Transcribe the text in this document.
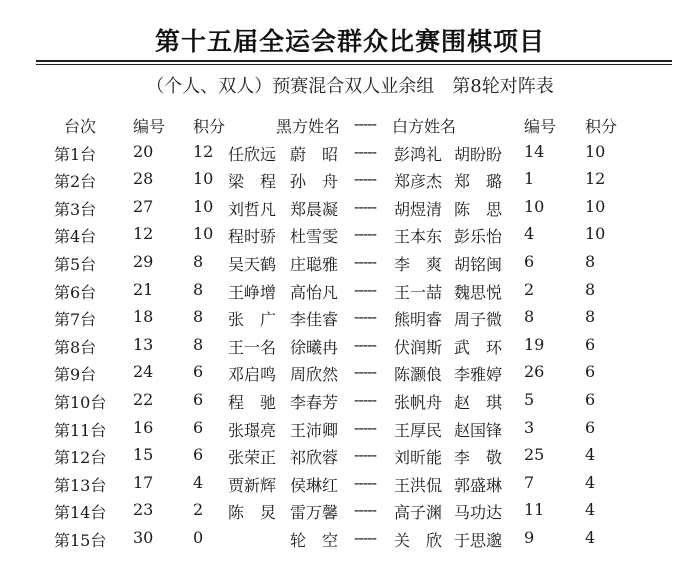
第十五届全运会群众比赛围棋项目
（个人、双人）预赛混合双人业余组　第8轮对阵表
台次 编号 积分	黑方姓名 ----- 白方姓名	编号 积分
第1台 20 12 任欣远 蔚　昭 ----- 彭鸿礼 胡盼盼	14	10
第2台 28 10 梁　程 孙　舟 ----- 郑彦杰 郑　璐	1	12
第3台 27 10 刘哲凡 郑晨凝 ----- 胡煜清 陈　思	10	10
第4台 12 10 程时骄 杜雪雯 ----- 王本东 彭乐怡	4	10
第5台 29 8 吴天鹤 庄聪雅 ----- 李　爽 胡铭闽	6	8
第6台 21 8 王峥增 高怡凡 ----- 王一喆 魏思悦	2	8
第7台 18 8 张　广 李佳睿 ----- 熊明睿 周子微	8	8
第8台 13 8 王一名 徐曦冉 ----- 伏润斯 武　环	19	6
第9台 24 6 邓启鸣 周欣然 ----- 陈灏俍 李雅婷	26	6
第10台 22 6 程　驰 李春芳 ----- 张帆舟 赵　琪	5	6
第11台 16 6 张璟亮 王沛卿 ----- 王厚民 赵国锋	3	6
第12台 15 6 张荣正 祁欣蓉 ----- 刘昕能 李　敬	25	4
第13台 17 4 贾新辉 侯琳红 ----- 王洪侃 郭盛琳	7	4
第14台 23 2 陈　炅 雷万馨 ----- 高子渊 马功达	11	4
第15台 30 0	轮　空 ----- 关　欣 于思邈	9	4
